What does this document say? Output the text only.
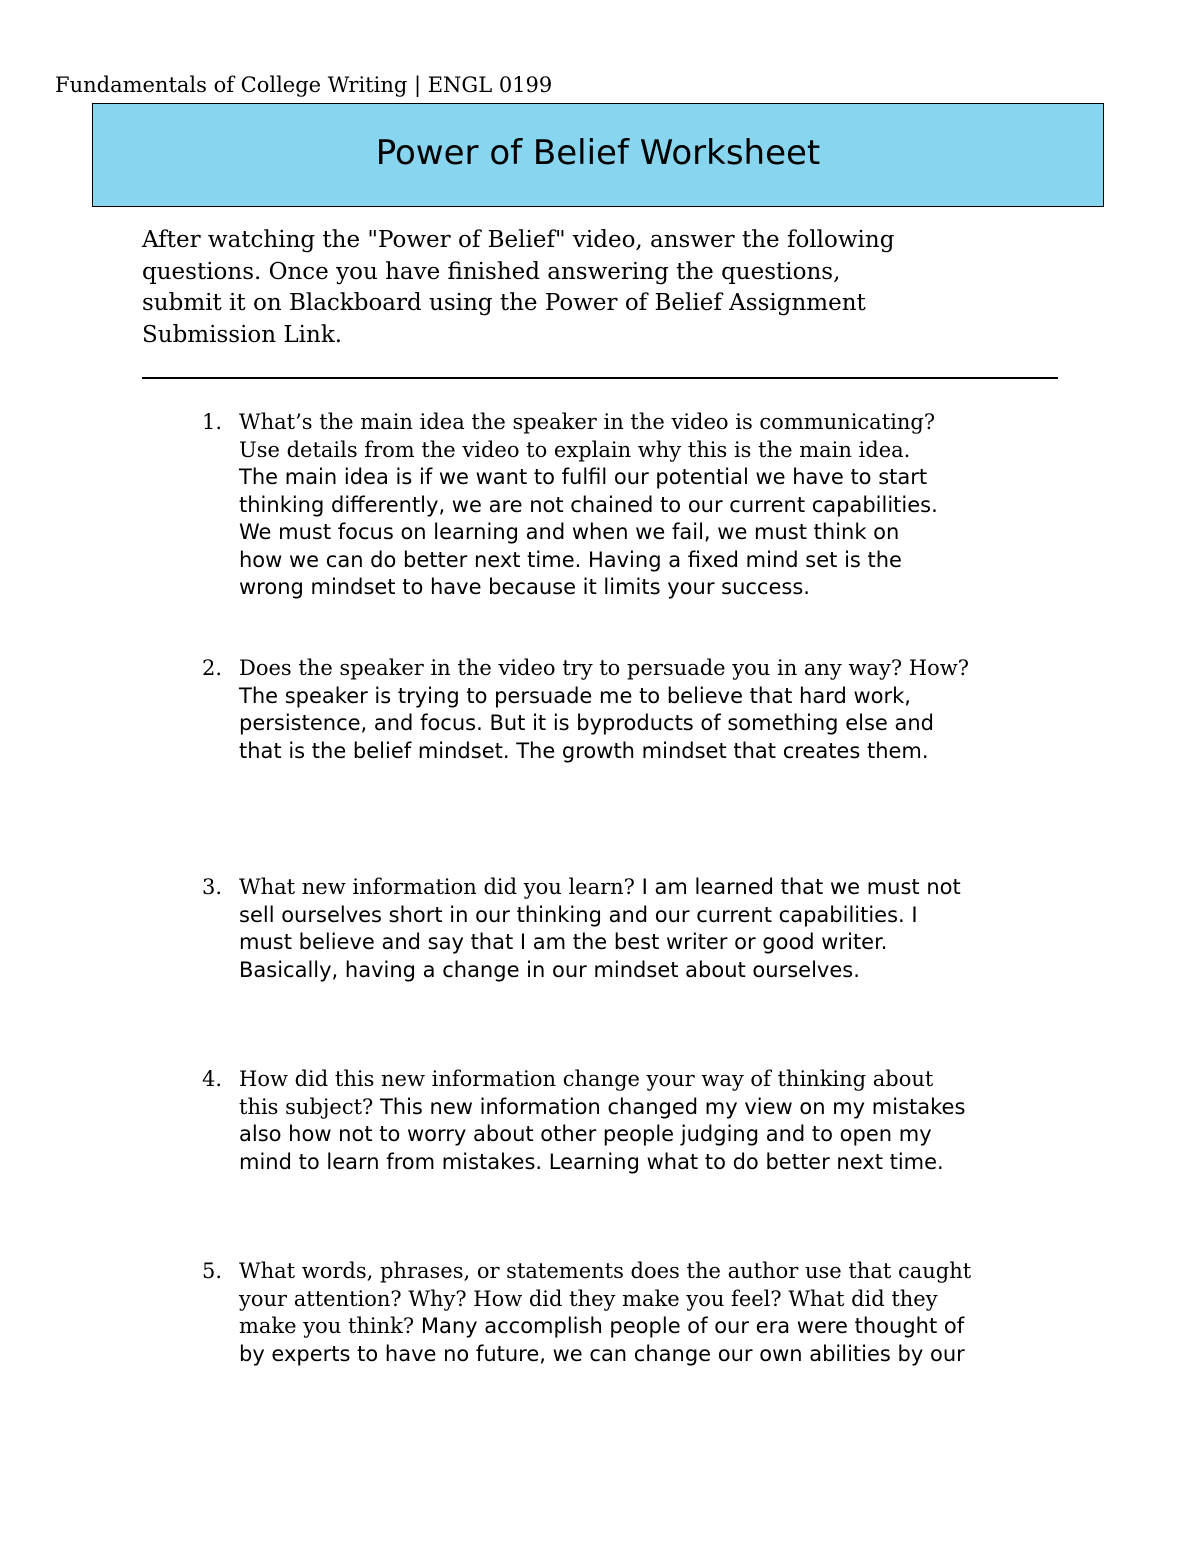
Fundamentals of College Writing | ENGL 0199
Power of Belief Worksheet

After watching the "Power of Belief" video, answer the following

questions. Once you have finished answering the questions,

submit it on Blackboard using the Power of Belief Assignment

Submission Link.

1. What’s the main idea the speaker in the video is communicating?
Use details from the video to explain why this is the main idea.
The main idea is if we want to fulfil our potential we have to start
thinking differently, we are not chained to our current capabilities.
We must focus on learning and when we fail, we must think on
how we can do better next time. Having a fixed mind set is the
wrong mindset to have because it limits your success.
2. Does the speaker in the video try to persuade you in any way? How?
The speaker is trying to persuade me to believe that hard work,
persistence, and focus. But it is byproducts of something else and
that is the belief mindset. The growth mindset that creates them.
3. What new information did you learn? I am learned that we must not
sell ourselves short in our thinking and our current capabilities. I
must believe and say that I am the best writer or good writer.
Basically, having a change in our mindset about ourselves.
4. How did this new information change your way of thinking about
this subject? This new information changed my view on my mistakes
also how not to worry about other people judging and to open my
mind to learn from mistakes. Learning what to do better next time.
5. What words, phrases, or statements does the author use that caught
your attention? Why? How did they make you feel? What did they
make you think? Many accomplish people of our era were thought of
by experts to have no future, we can change our own abilities by our
